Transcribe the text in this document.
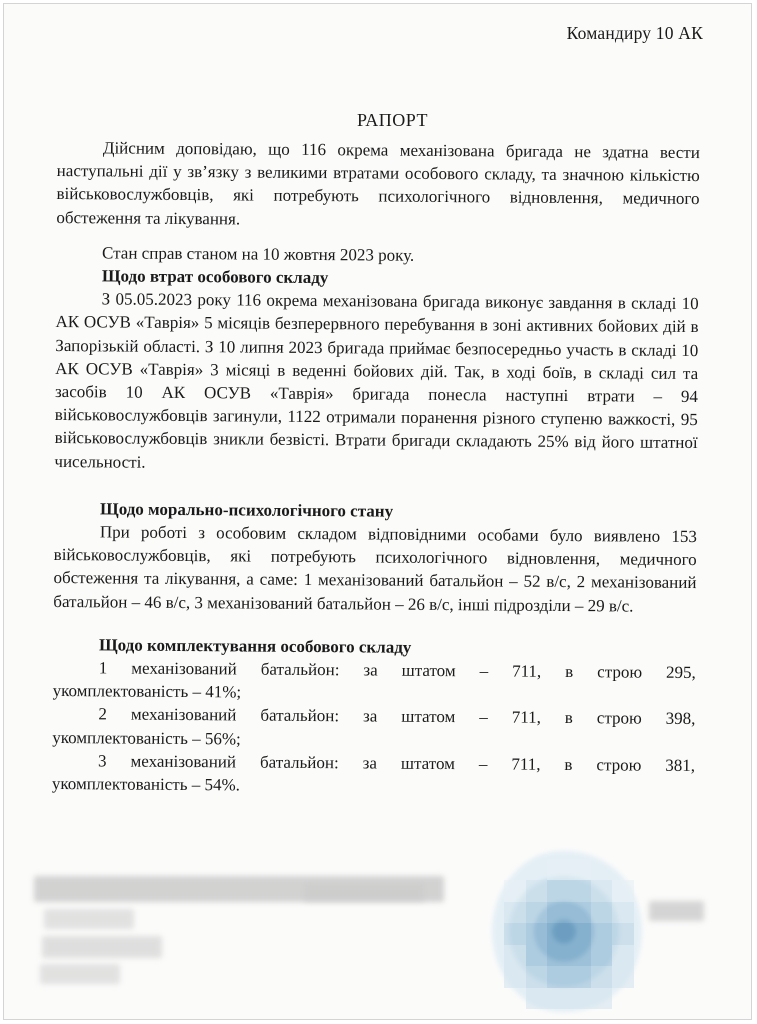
Командиру 10 АК
РАПОРТ

Дійсним доповідаю, що 116 окрема механізована бригада не здатна вести наступальні дії у зв’язку з великими втратами особового складу, та значною кількістю військовослужбовців, які потребують психологічного відновлення, медичного обстеження та лікування.

Стан справ станом на 10 жовтня 2023 року.

Щодо втрат особового складу

З 05.05.2023 року 116 окрема механізована бригада виконує завдання в складі 10 АК ОСУВ «Таврія» 5 місяців безперервного перебування в зоні активних бойових дій в Запорізькій області. З 10 липня 2023 бригада приймає безпосередньо участь в складі 10 АК ОСУВ «Таврія» 3 місяці в веденні бойових дій. Так, в ході боїв, в складі сил та засобів 10 АК ОСУВ «Таврія» бригада понесла наступні втрати – 94 військовослужбовців загинули, 1122 отримали поранення різного ступеню важкості, 95 військовослужбовців зникли безвісті. Втрати бригади складають 25% від його штатної чисельності.

Щодо морально-психологічного стану

При роботі з особовим складом відповідними особами було виявлено 153 військовослужбовців, які потребують психологічного відновлення, медичного обстеження та лікування, а саме: 1 механізований батальйон – 52 в/с, 2 механізований батальйон – 46 в/с, 3 механізований батальйон – 26 в/с, інші підрозділи – 29 в/с.

Щодо комплектування особового складу
1 механізований батальйон: за штатом – 711, в строю 295,
укомплектованість – 41%;
2 механізований батальйон: за штатом – 711, в строю 398,
укомплектованість – 56%;
3 механізований батальйон: за штатом – 711, в строю 381,
укомплектованість – 54%.
